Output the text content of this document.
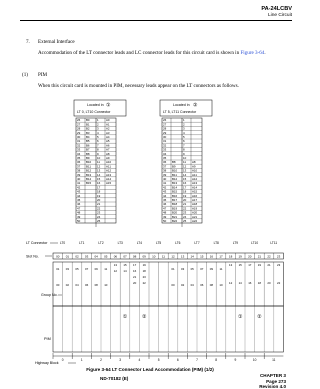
PA-24LCBV
Line Circuit
7. External Interface
Accommodation of the LT connector leads and LC connector leads for this circuit card is shown in Figure 3-64.
(1) PIM
When this circuit card is mounted in PIM, necessary leads appear on the LT connectors as follows.
Located in ①
LT 0, LT10 Connector
26 B0	1	A0
27 B1	2	A1
28 B2	3	A2
29 B3	4	A3
30 B4	5	A4
31 B5	6	A5
32 B6	7	A6
33 B7	8	A7
34 B8	9	A8
35 B9	10 A9
36 B10 11 A10
37 B11 12 A11
38 B12 13 A12
39 B13 14 A13
40 B14 15 A14
41 B15 16 A15
42	17
43	18
44	19
45	20
46	21
47	22
48	23
49	24
50	25
Located in ②
LT 5, LT11 Connector
26	1
27	2
28	3
29	4
30	5
31	6
32	7
33	8
34	9
35	10
36 B8	11 A8
37 B9	12 A9
38 B10 13 A10
39 B11 14 A11
40 B12 15 A12
41 B13 16 A13
42 B14 17 A14
43 B15 18 A15
44 B16 19 A16
45 B17 20 A17
46 B18 21 A18
47 B19 22 A19
48 B20 23 A20
49 B21 24 A21
50 B22 25 A22
LT Connector	LT0	LT1	LT2	LT3	LT4	LT5	LT6	LT7	LT8	LT9	LT10	LT11
Slot No.	00 01 02 03 04 05 06 07 08 09 10 11 12 13 14 15 16 17 18 19 20 21 22 23
Group No.
01 03 05 07 09 11
00 02 04 06 08 10
13 15 17 19
12 14 16 18
21 23
20 22
01 03 05 07 09 11
00 02 04 06 08 10
13 15 17 19 21 23
12 14 16 18 20 22
PIM
①	②	①	②
Highway Block
0	1	2	3	4	5	6	7	8	9	10	11
Figure 3-64 LT Connector Lead Accommodation (PIM) (1/2)
ND-70182 (E)
CHAPTER 3
Page 273
Revision 4.0
